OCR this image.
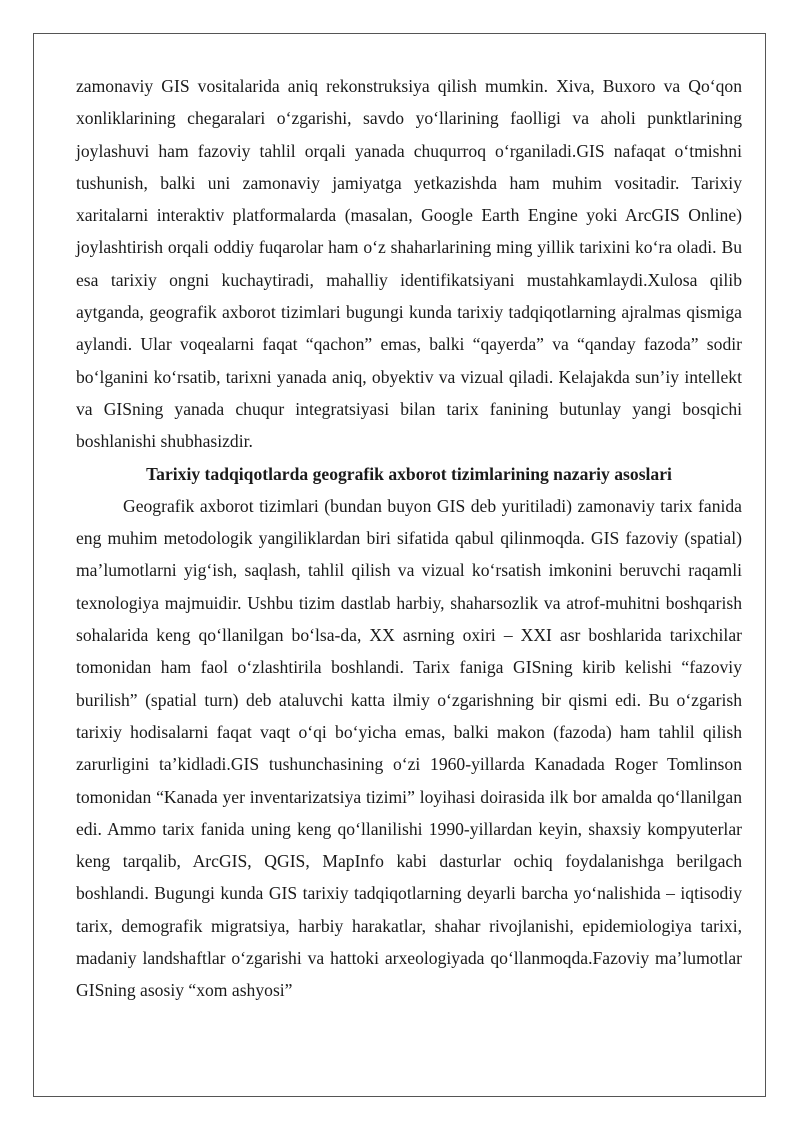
zamonaviy GIS vositalarida aniq rekonstruksiya qilish mumkin. Xiva, Buxoro va Qo‘qon xonliklarining chegaralari o‘zgarishi, savdo yo‘llarining faolligi va aholi punktlarining joylashuvi ham fazoviy tahlil orqali yanada chuqurroq o‘rganiladi.GIS nafaqat o‘tmishni tushunish, balki uni zamonaviy jamiyatga yetkazishda ham muhim vositadir. Tarixiy xaritalarni interaktiv platformalarda (masalan, Google Earth Engine yoki ArcGIS Online) joylashtirish orqali oddiy fuqarolar ham o‘z shaharlarining ming yillik tarixini ko‘ra oladi. Bu esa tarixiy ongni kuchaytiradi, mahalliy identifikatsiyani mustahkamlaydi.Xulosa qilib aytganda, geografik axborot tizimlari bugungi kunda tarixiy tadqiqotlarning ajralmas qismiga aylandi. Ular voqealarni faqat “qachon” emas, balki “qayerda” va “qanday fazoda” sodir bo‘lganini ko‘rsatib, tarixni yanada aniq, obyektiv va vizual qiladi. Kelajakda sun’iy intellekt va GISning yanada chuqur integratsiyasi bilan tarix fanining butunlay yangi bosqichi boshlanishi shubhasizdir.

Tarixiy tadqiqotlarda geografik axborot tizimlarining nazariy asoslari

Geografik axborot tizimlari (bundan buyon GIS deb yuritiladi) zamonaviy tarix fanida eng muhim metodologik yangiliklardan biri sifatida qabul qilinmoqda. GIS fazoviy (spatial) ma’lumotlarni yig‘ish, saqlash, tahlil qilish va vizual ko‘rsatish imkonini beruvchi raqamli texnologiya majmuidir. Ushbu tizim dastlab harbiy, shaharsozlik va atrof-muhitni boshqarish sohalarida keng qo‘llanilgan bo‘lsa-da, XX asrning oxiri – XXI asr boshlarida tarixchilar tomonidan ham faol o‘zlashtirila boshlandi. Tarix faniga GISning kirib kelishi “fazoviy burilish” (spatial turn) deb ataluvchi katta ilmiy o‘zgarishning bir qismi edi. Bu o‘zgarish tarixiy hodisalarni faqat vaqt o‘qi bo‘yicha emas, balki makon (fazoda) ham tahlil qilish zarurligini ta’kidladi.GIS tushunchasining o‘zi 1960-yillarda Kanadada Roger Tomlinson tomonidan “Kanada yer inventarizatsiya tizimi” loyihasi doirasida ilk bor amalda qo‘llanilgan edi. Ammo tarix fanida uning keng qo‘llanilishi 1990-yillardan keyin, shaxsiy kompyuterlar keng tarqalib, ArcGIS, QGIS, MapInfo kabi dasturlar ochiq foydalanishga berilgach boshlandi. Bugungi kunda GIS tarixiy tadqiqotlarning deyarli barcha yo‘nalishida – iqtisodiy tarix, demografik migratsiya, harbiy harakatlar, shahar rivojlanishi, epidemiologiya tarixi, madaniy landshaftlar o‘zgarishi va hattoki arxeologiyada qo‘llanmoqda.Fazoviy ma’lumotlar GISning asosiy “xom ashyosi”
